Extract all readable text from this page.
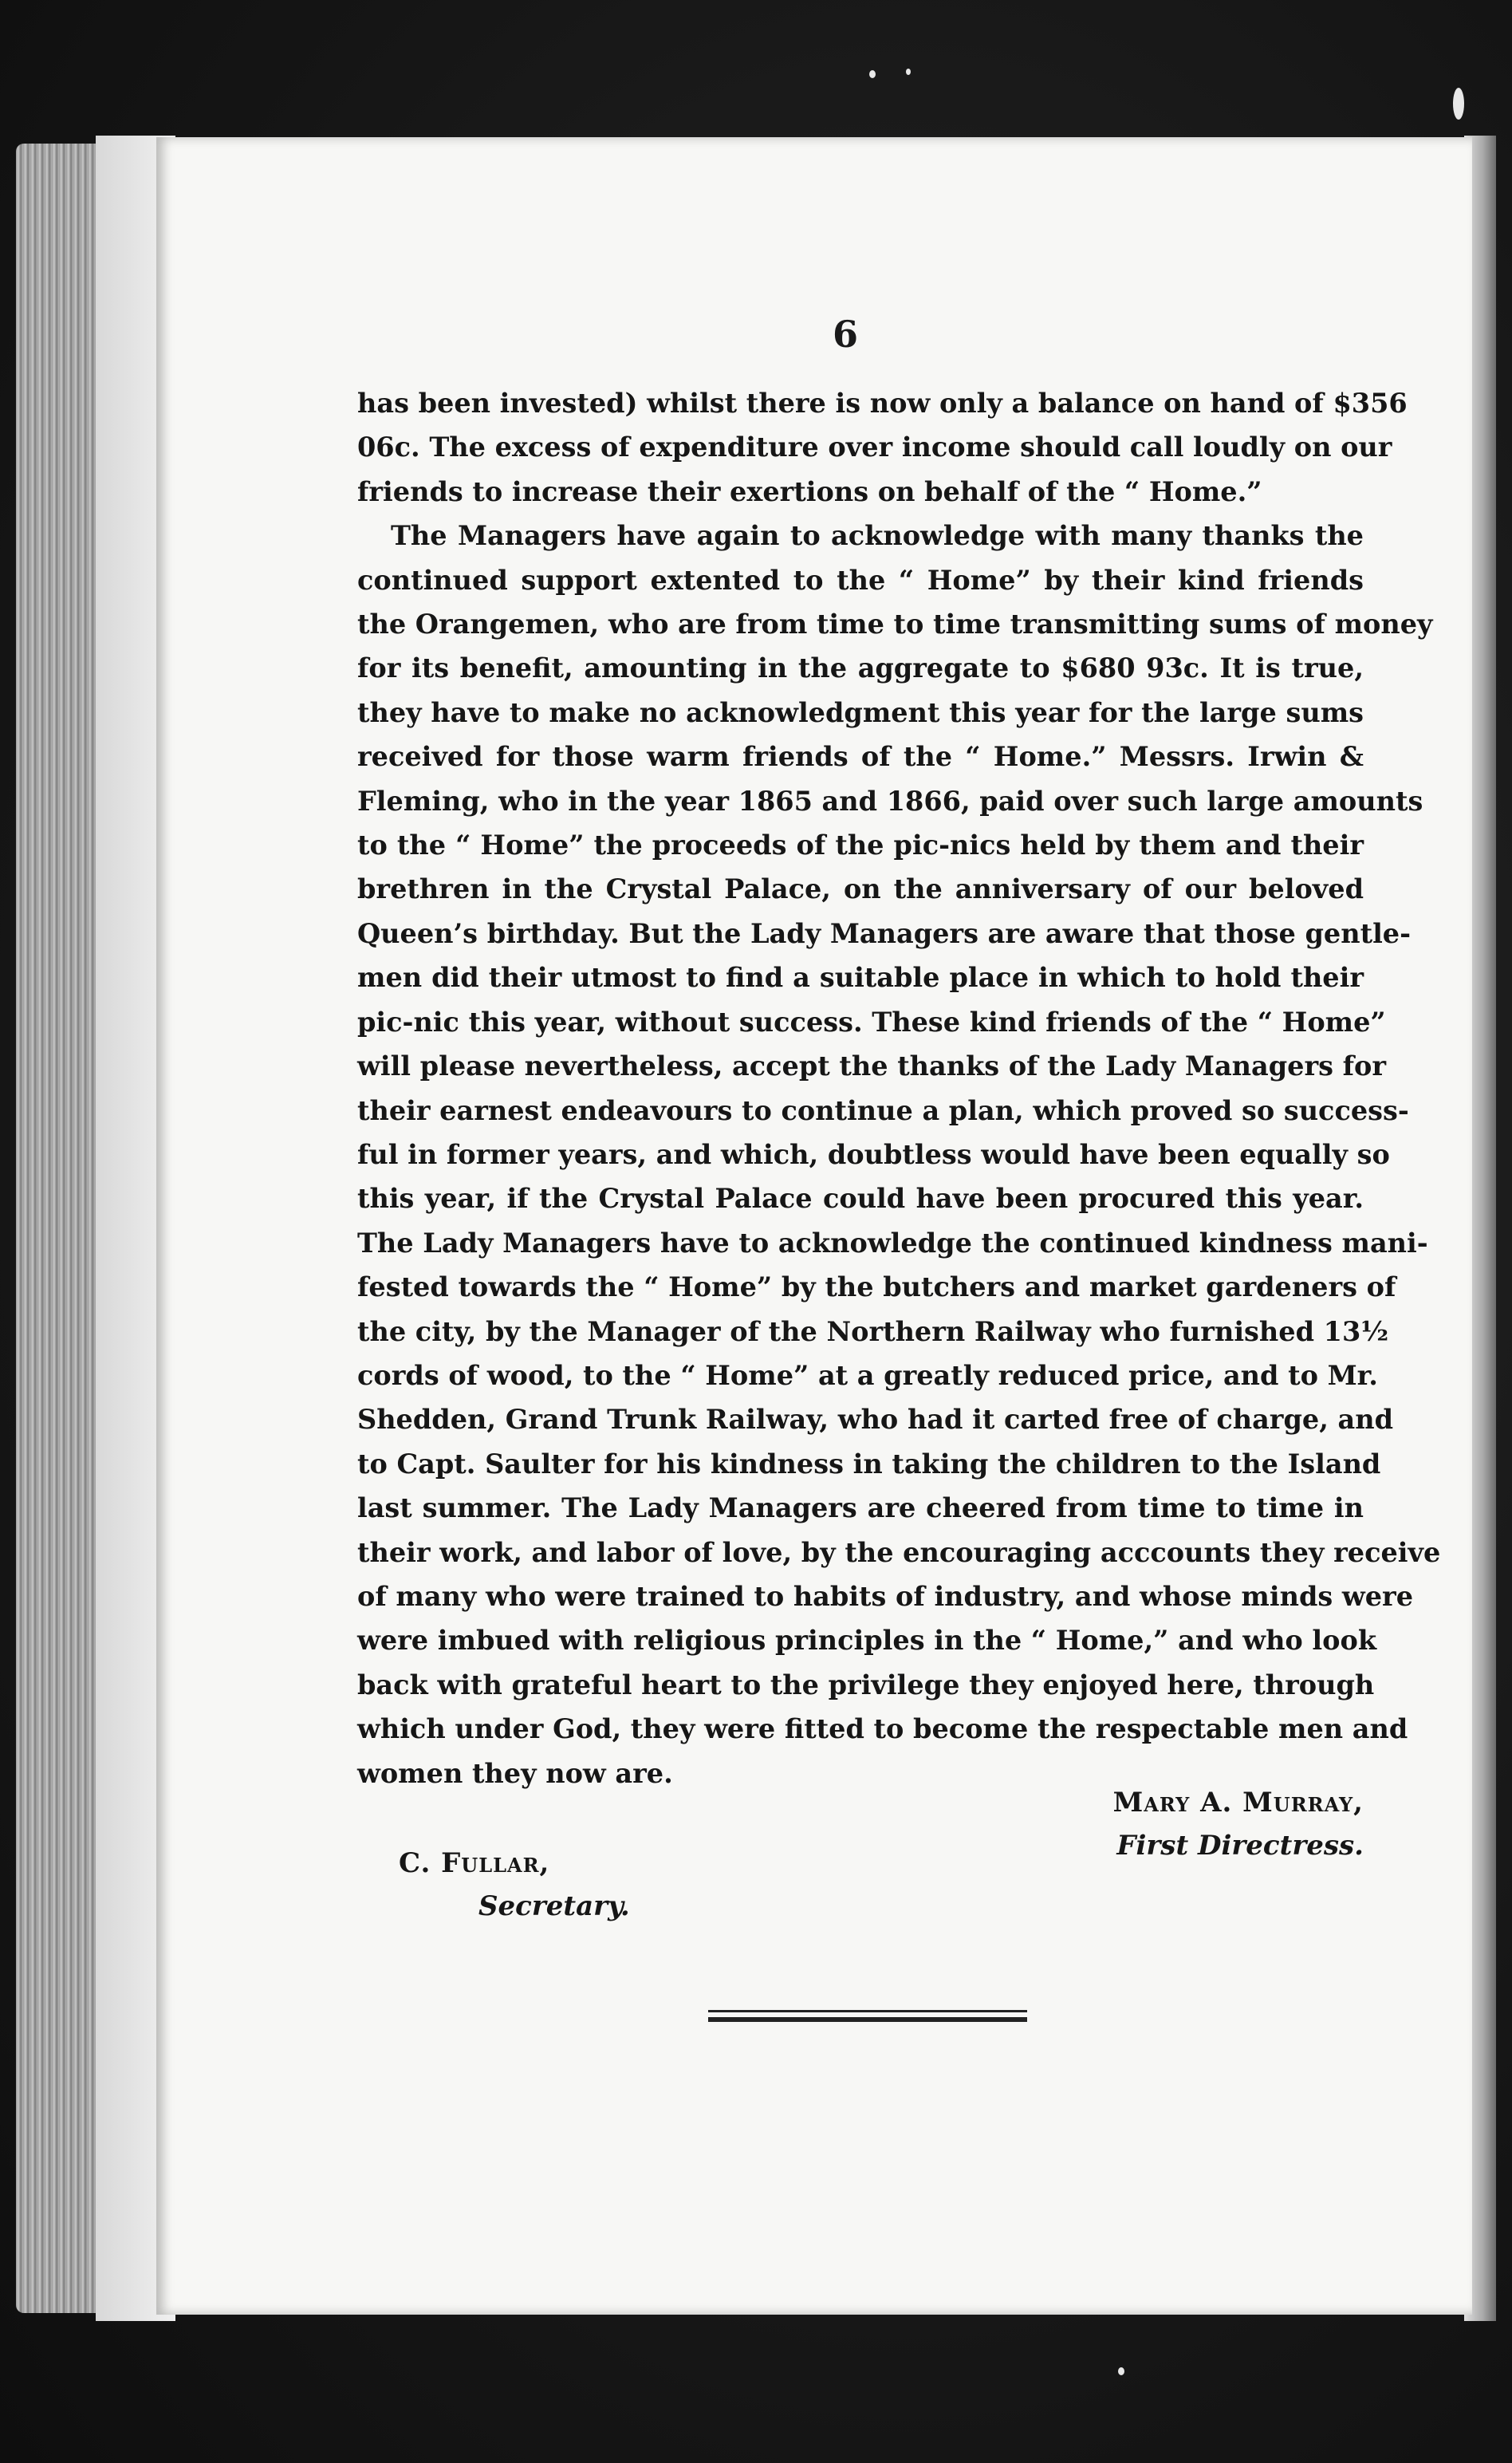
6
has been invested) whilst there is now only a balance on hand of $356
06c. The excess of expenditure over income should call loudly on our
friends to increase their exertions on behalf of the “ Home.”
The Managers have again to acknowledge with many thanks the
continued support extented to the “ Home” by their kind friends
the Orangemen, who are from time to time transmitting sums of money
for its benefit, amounting in the aggregate to $680 93c. It is true,
they have to make no acknowledgment this year for the large sums
received for those warm friends of the “ Home.” Messrs. Irwin &
Fleming, who in the year 1865 and 1866, paid over such large amounts
to the “ Home” the proceeds of the pic-nics held by them and their
brethren in the Crystal Palace, on the anniversary of our beloved
Queen’s birthday. But the Lady Managers are aware that those gentle-
men did their utmost to find a suitable place in which to hold their
pic-nic this year, without success. These kind friends of the “ Home”
will please nevertheless, accept the thanks of the Lady Managers for
their earnest endeavours to continue a plan, which proved so success-
ful in former years, and which, doubtless would have been equally so
this year, if the Crystal Palace could have been procured this year.
The Lady Managers have to acknowledge the continued kindness mani-
fested towards the “ Home” by the butchers and market gardeners of
the city, by the Manager of the Northern Railway who furnished 13½
cords of wood, to the “ Home” at a greatly reduced price, and to Mr.
Shedden, Grand Trunk Railway, who had it carted free of charge, and
to Capt. Saulter for his kindness in taking the children to the Island
last summer. The Lady Managers are cheered from time to time in
their work, and labor of love, by the encouraging acccounts they receive
of many who were trained to habits of industry, and whose minds were
were imbued with religious principles in the “ Home,” and who look
back with grateful heart to the privilege they enjoyed here, through
which under God, they were fitted to become the respectable men and
women they now are.
Mary A. Murray,
First Directress.
C. Fullar,
Secretary.
